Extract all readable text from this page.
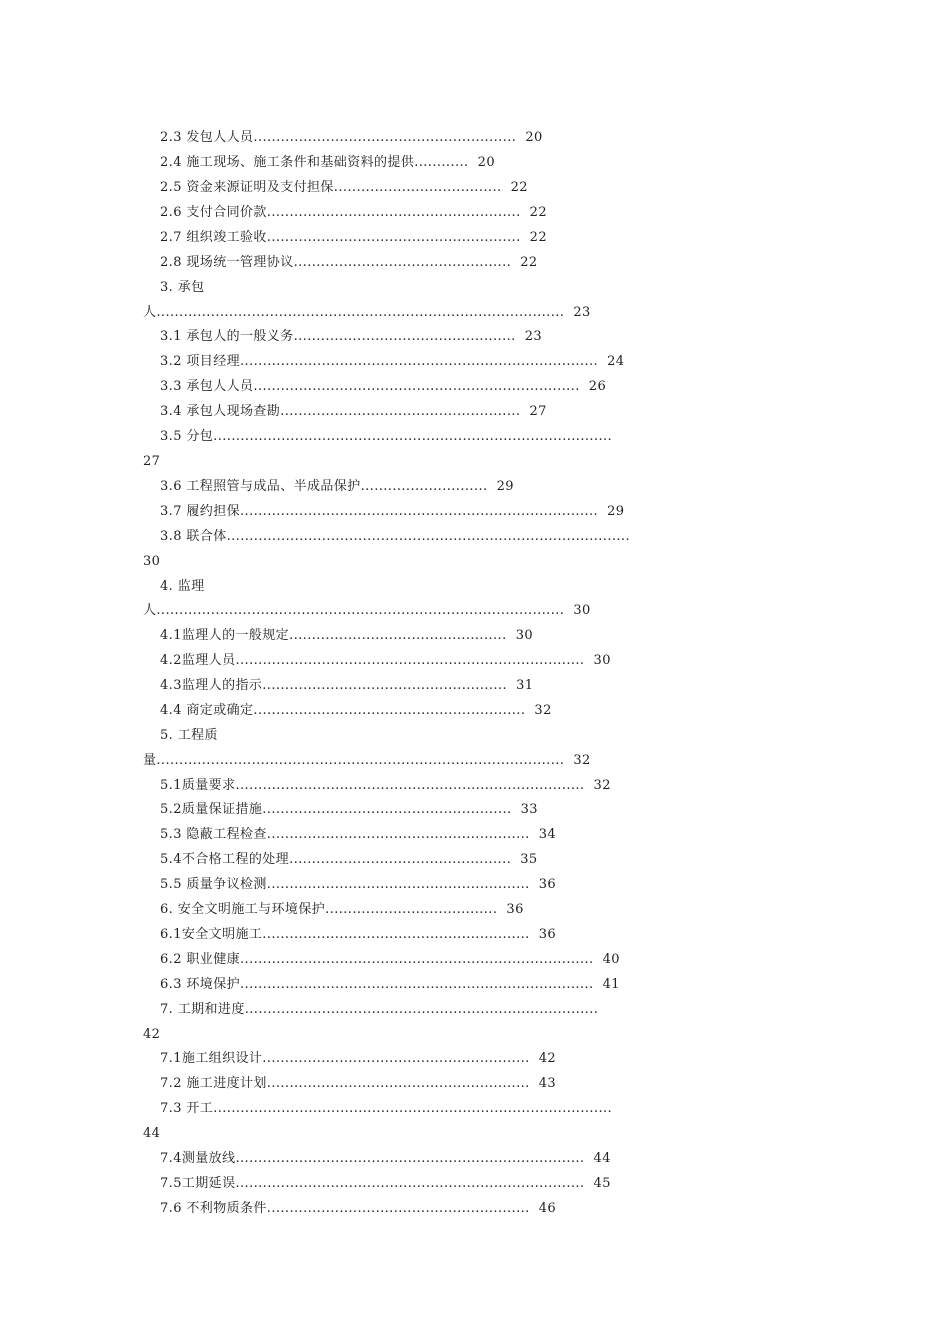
2.3 发包人人员..........................................................  20
2.4 施工现场、施工条件和基础资料的提供............  20
2.5 资金来源证明及支付担保.....................................  22
2.6 支付合同价款........................................................  22
2.7 组织竣工验收........................................................  22
2.8 现场统一管理协议................................................  22
3. 承包
人..........................................................................................  23
3.1 承包人的一般义务.................................................  23
3.2 项目经理...............................................................................  24
3.3 承包人人员........................................................................  26
3.4 承包人现场查勘.....................................................  27
3.5 分包........................................................................................
27
3.6 工程照管与成品、半成品保护............................  29
3.7 履约担保...............................................................................  29
3.8 联合体.........................................................................................
30
4. 监理
人..........................................................................................  30
4.1监理人的一般规定................................................  30
4.2监理人员.............................................................................  30
4.3监理人的指示......................................................  31
4.4 商定或确定............................................................  32
5. 工程质
量..........................................................................................  32
5.1质量要求.............................................................................  32
5.2质量保证措施.......................................................  33
5.3 隐蔽工程检查..........................................................  34
5.4不合格工程的处理.................................................  35
5.5 质量争议检测..........................................................  36
6. 安全文明施工与环境保护......................................  36
6.1安全文明施工...........................................................  36
6.2 职业健康..............................................................................  40
6.3 环境保护..............................................................................  41
7. 工期和进度..............................................................................
42
7.1施工组织设计...........................................................  42
7.2 施工进度计划..........................................................  43
7.3 开工........................................................................................
44
7.4测量放线.............................................................................  44
7.5工期延误.............................................................................  45
7.6 不利物质条件..........................................................  46
